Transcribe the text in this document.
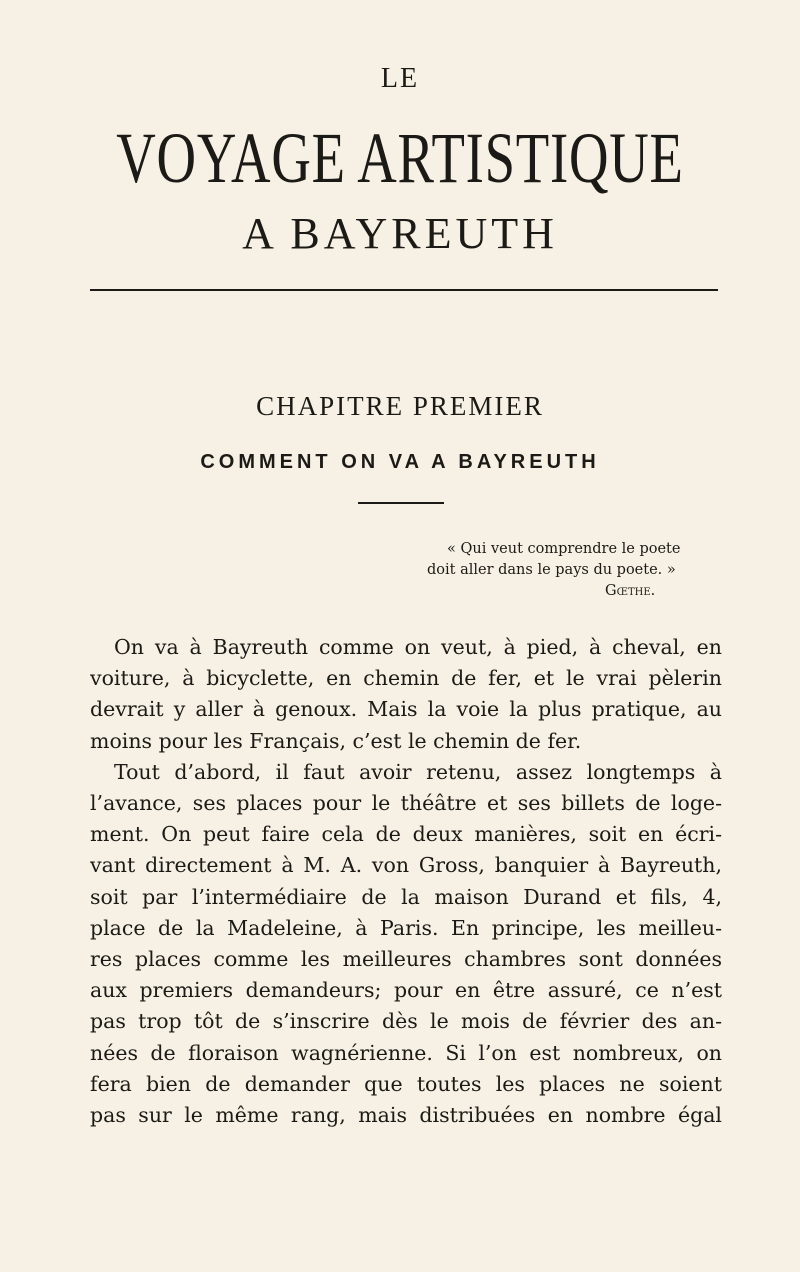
LE
VOYAGE ARTISTIQUE
A BAYREUTH
CHAPITRE PREMIER
COMMENT ON VA A BAYREUTH
« Qui veut comprendre le poete
doit aller dans le pays du poete. »
Gœthe.
On va à Bayreuth comme on veut, à pied, à cheval, en
voiture, à bicyclette, en chemin de fer, et le vrai pèlerin
devrait y aller à genoux. Mais la voie la plus pratique, au
moins pour les Français, c’est le chemin de fer.
Tout d’abord, il faut avoir retenu, assez longtemps à
l’avance, ses places pour le théâtre et ses billets de loge-
ment. On peut faire cela de deux manières, soit en écri-
vant directement à M. A. von Gross, banquier à Bayreuth,
soit par l’intermédiaire de la maison Durand et fils, 4,
place de la Madeleine, à Paris. En principe, les meilleu-
res places comme les meilleures chambres sont données
aux premiers demandeurs; pour en être assuré, ce n’est
pas trop tôt de s’inscrire dès le mois de février des an-
nées de floraison wagnérienne. Si l’on est nombreux, on
fera bien de demander que toutes les places ne soient
pas sur le même rang, mais distribuées en nombre égal
